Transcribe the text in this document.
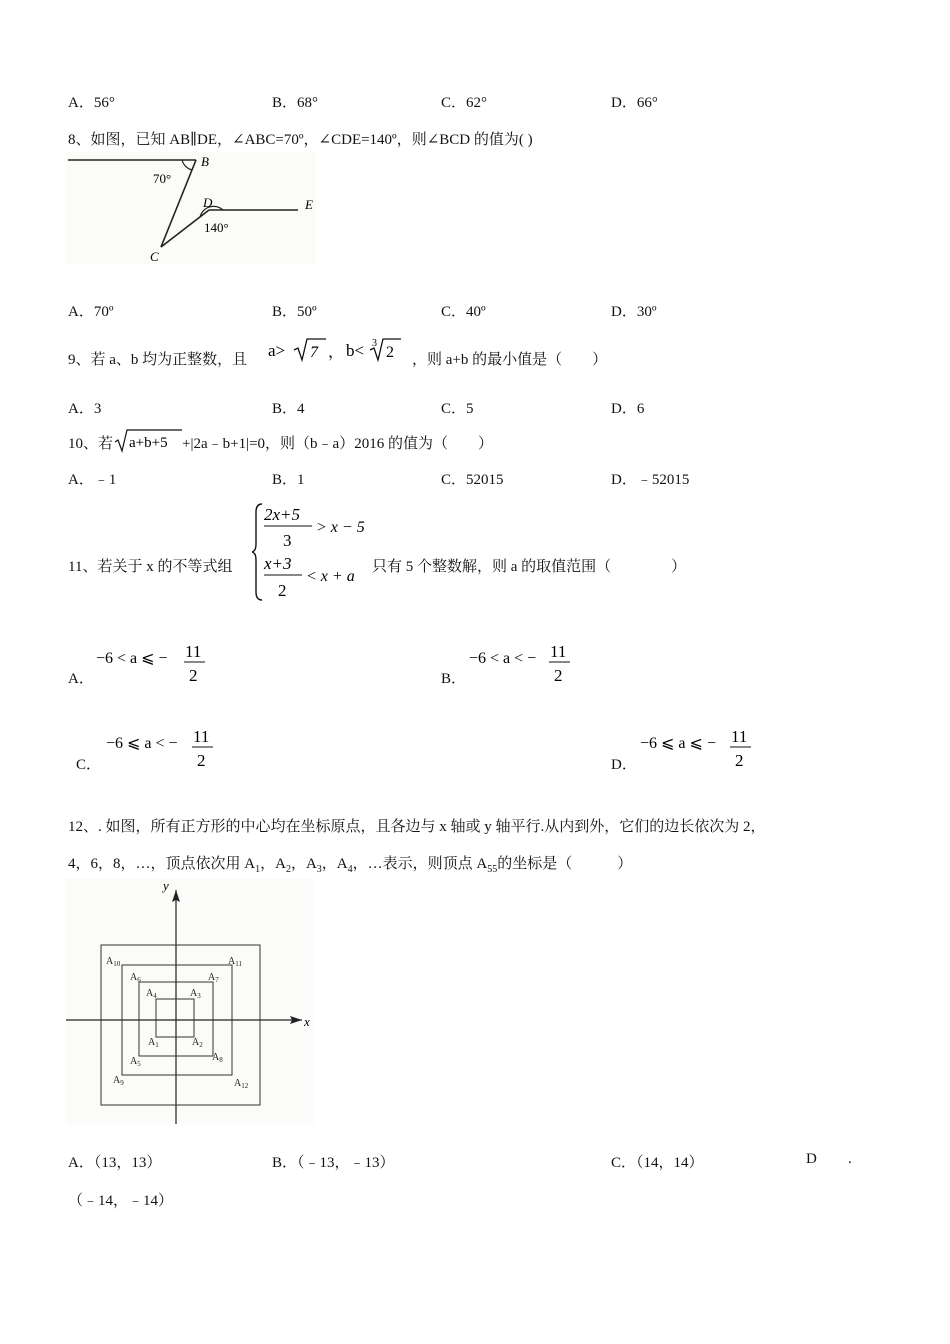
A．56°	B．68°	C．62°	D．66°
8、如图，已知 AB∥DE，∠ABC=70º，∠CDE=140º，则∠BCD 的值为( )
B
70°
D	E
140°
C
A．70º	B．50º	C．40º	D．30º
9、若 a、b 均为正整数，且 a> 7 ， b< 3
2 ，则 a+b 的最小值是（　　）
A．3	B．4	C．5	D．6
10、若 a+b+5 +|2a﹣b+1|=0，则（b﹣a）2016 的值为（　　）
A．﹣1	B．1	C．52015	D．﹣52015
11、若关于 x 的不等式组
2x+5
3
> x − 5
x+3
2
< x + a
只有 5 个整数解，则 a 的取值范围（　　　　）
A．
−6 < a ⩽ − 11
2	B．
−6 < a < − 11
2
C．
−6 ⩽ a < − 11
2	D．
−6 ⩽ a ⩽ − 11
2
12、. 如图，所有正方形的中心均在坐标原点，且各边与 x 轴或 y 轴平行.从内到外，它们的边长依次为 2，
4，6，8，…，顶点依次用 $A_1$，$A_2$，$A_3$，$A_4$，…表示，则顶点 $A_{55}$的坐标是（　　　）
x
y
$A_1$	$A_2$
$A_3$
$A_4$
$A_6$	$A_7$
$A_8$
$A_5$
$A_{10}$	$A_{11}$
$A_{12}$
$A_9$
A．（13，13）	B．（﹣13，﹣13）	C．（14，14）	D .
（﹣14，﹣14）
